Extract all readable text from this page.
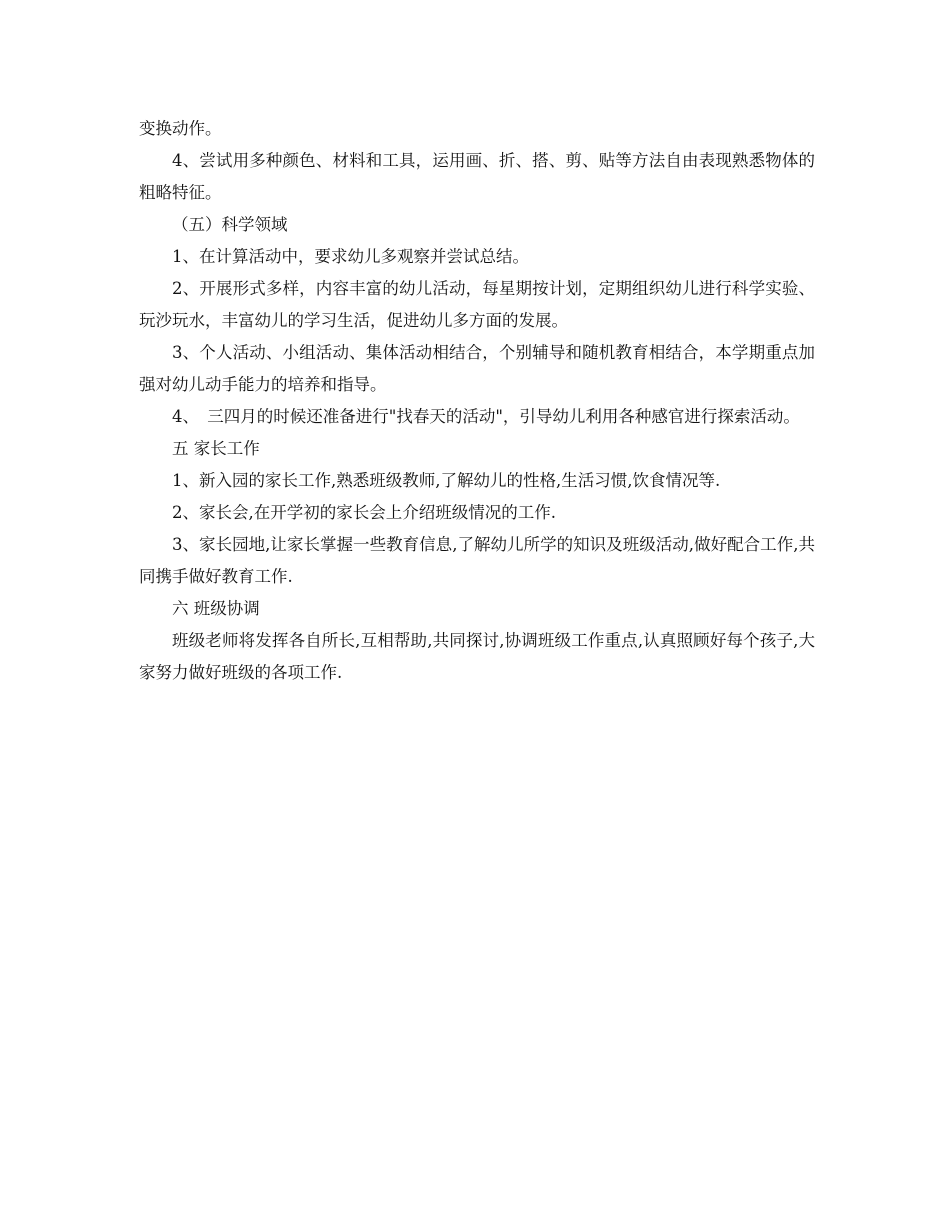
变换动作。

4、尝试用多种颜色、材料和工具，运用画、折、搭、剪、贴等方法自由表现熟悉物体的粗略特征。

（五）科学领域

1、在计算活动中，要求幼儿多观察并尝试总结。

2、开展形式多样，内容丰富的幼儿活动，每星期按计划，定期组织幼儿进行科学实验、玩沙玩水，丰富幼儿的学习生活，促进幼儿多方面的发展。

3、个人活动、小组活动、集体活动相结合，个别辅导和随机教育相结合，本学期重点加强对幼儿动手能力的培养和指导。

4、　三四月的时候还准备进行"找春天的活动"，引导幼儿利用各种感官进行探索活动。

五 家长工作

1、新入园的家长工作,熟悉班级教师,了解幼儿的性格,生活习惯,饮食情况等.

2、家长会,在开学初的家长会上介绍班级情况的工作.

3、家长园地,让家长掌握一些教育信息,了解幼儿所学的知识及班级活动,做好配合工作,共同携手做好教育工作.

六 班级协调

班级老师将发挥各自所长,互相帮助,共同探讨,协调班级工作重点,认真照顾好每个孩子,大家努力做好班级的各项工作.
